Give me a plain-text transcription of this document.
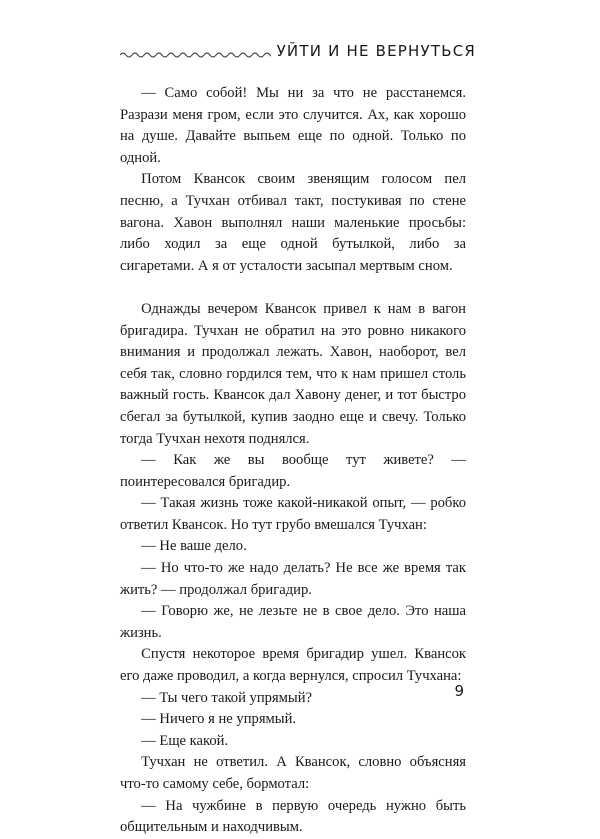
УЙТИ И НЕ ВЕРНУТЬСЯ

— Само собой! Мы ни за что не расстанемся. Разрази меня гром, если это случится. Ах, как хорошо на душе. Давайте выпьем еще по одной. Только по одной.

Потом Квансок своим звенящим голосом пел песню, а Тучхан отбивал такт, постукивая по стене вагона. Хавон выполнял наши маленькие просьбы: либо ходил за еще одной бутылкой, либо за сигаретами. А я от усталости засыпал мертвым сном.

Однажды вечером Квансок привел к нам в вагон бригадира. Тучхан не обратил на это ровно никакого внимания и продолжал лежать. Хавон, наоборот, вел себя так, словно гордился тем, что к нам пришел столь важный гость. Квансок дал Хавону денег, и тот быстро сбегал за бутылкой, купив заодно еще и свечу. Только тогда Тучхан нехотя поднялся.

— Как же вы вообще тут живете? — поинтересовался бригадир.

— Такая жизнь тоже какой-никакой опыт, — робко ответил Квансок. Но тут грубо вмешался Тучхан:

— Не ваше дело.

— Но что-то же надо делать? Не все же время так жить? — продолжал бригадир.

— Говорю же, не лезьте не в свое дело. Это наша жизнь.

Спустя некоторое время бригадир ушел. Квансок его даже проводил, а когда вернулся, спросил Тучхана:

— Ты чего такой упрямый?

— Ничего я не упрямый.

— Еще какой.

Тучхан не ответил. А Квансок, словно объясняя что-то самому себе, бормотал:

— На чужбине в первую очередь нужно быть общительным и находчивым.

9
